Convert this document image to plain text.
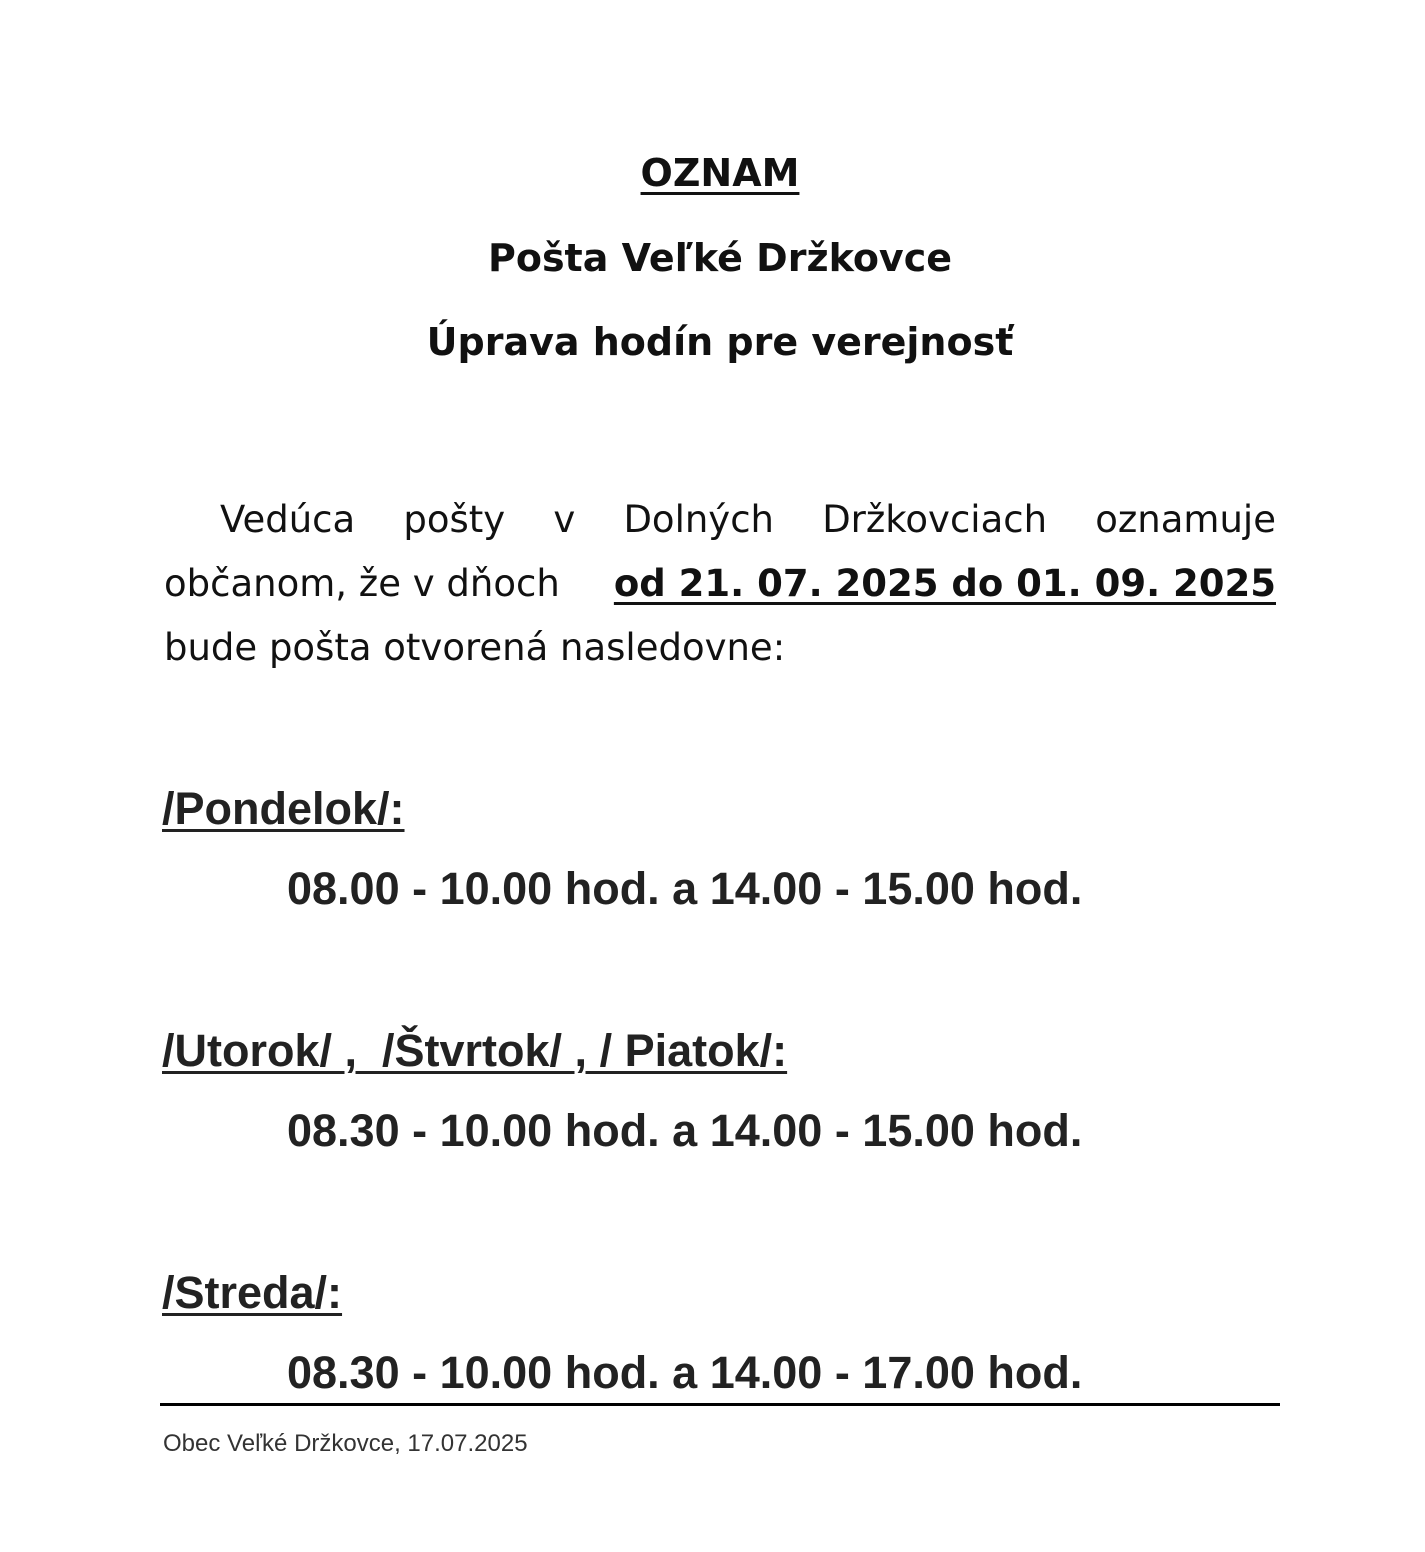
OZNAM
Pošta Veľké Držkovce
Úprava hodín pre verejnosť
Vedúca pošty v Dolných Držkovciach oznamuje
občanom, že v dňoch od 21. 07. 2025 do 01. 09. 2025
bude pošta otvorená nasledovne:

/Pondelok/:

08.00 - 10.00 hod. a 14.00 - 15.00 hod.

/Utorok/ ,  /Štvrtok/ , / Piatok/:

08.30 - 10.00 hod. a 14.00 - 15.00 hod.

/Streda/:

08.30 - 10.00 hod. a 14.00 - 17.00 hod.

Obec Veľké Držkovce, 17.07.2025
